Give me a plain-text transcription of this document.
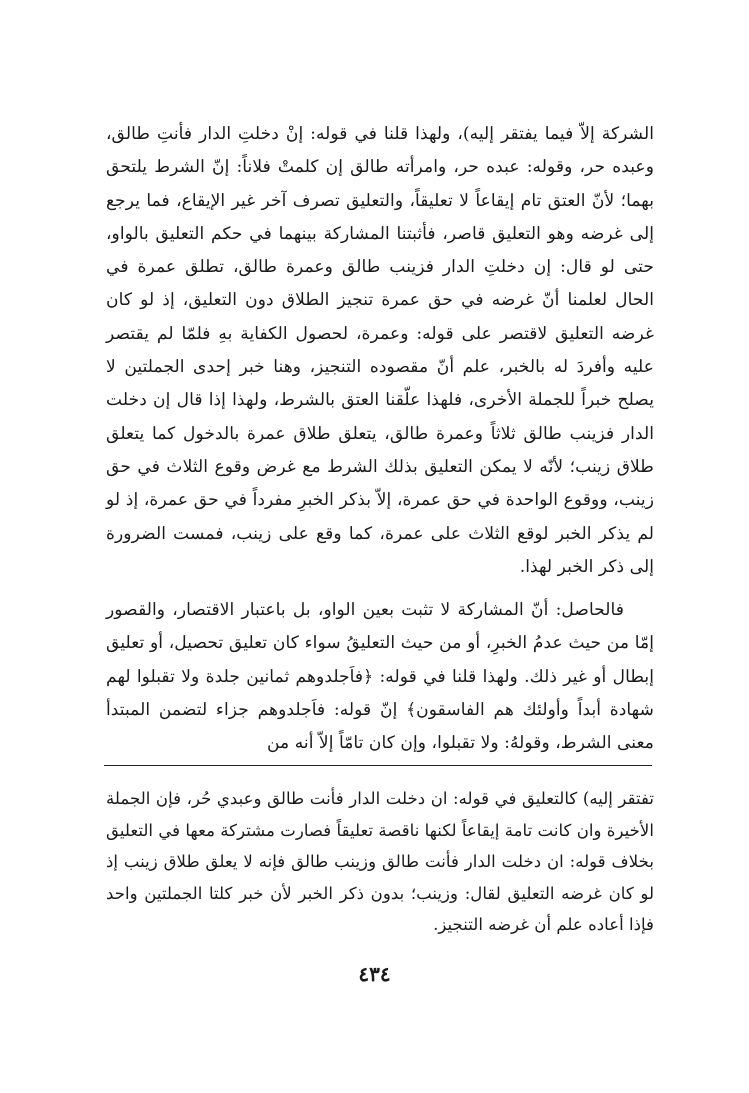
الشركة إلاّ فيما يفتقر إليه)، ولهذا قلنا في قوله: إنْ دخلتِ الدار فأنتِ طالق، وعبده حر، وقوله: عبده حر، وامرأته طالق إن كلمتْ فلاناً: إنّ الشرط يلتحق بهما؛ لأنّ العتق تام إيقاعاً لا تعليقاً، والتعليق تصرف آخر غير الإيقاع، فما يرجع إلى غرضه وهو التعليق قاصر، فأثبتنا المشاركة بينهما في حكم التعليق بالواو، حتى لو قال: إن دخلتِ الدار فزينب طالق وعمرة طالق، تطلق عمرة في الحال لعلمنا أنّ غرضه في حق عمرة تنجيز الطلاق دون التعليق، إذ لو كان غرضه التعليق لاقتصر على قوله: وعمرة، لحصول الكفاية بهِ فلمّا لم يقتصر عليه وأفردَ له بالخبر، علم أنّ مقصوده التنجيز، وهنا خبر إحدى الجملتين لا يصلح خبراً للجملة الأخرى، فلهذا علّقنا العتق بالشرط، ولهذا إذا قال إن دخلت الدار فزينب طالق ثلاثاً وعمرة طالق، يتعلق طلاق عمرة بالدخول كما يتعلق طلاق زينب؛ لأنّه لا يمكن التعليق بذلك الشرط مع غرض وقوع الثلاث في حق زينب، ووقوع الواحدة في حق عمرة، إلاّ بذكر الخبرِ مفرداً في حق عمرة، إذ لو لم يذكر الخبر لوقع الثلاث على عمرة، كما وقع على زينب، فمست الضرورة إلى ذكر الخبر لهذا.

فالحاصل: أنّ المشاركة لا تثبت بعين الواو، بل باعتبار الاقتصار، والقصور إمّا من حيث عدمُ الخبرِ، أو من حيث التعليقُ سواء كان تعليق تحصيل، أو تعليق إبطال أو غير ذلك. ولهذا قلنا في قوله: ﴿فاَجلدوهم ثمانين جلدة ولا تقبلوا لهم شهادة أبداً وأولئك هم الفاسقون﴾ إنّ قوله: فاَجلدوهم جزاء لتضمن المبتدأ معنى الشرط، وقولهُ: ولا تقبلوا، وإن كان تامّاً إلاّ أنه من

تفتقر إليه) كالتعليق في قوله: ان دخلت الدار فأنت طالق وعبدي حُر، فإن الجملة الأخيرة وان كانت تامة إيقاعاً لكنها ناقصة تعليقاً فصارت مشتركة معها في التعليق بخلاف قوله: ان دخلت الدار فأنت طالق وزينب طالق فإنه لا يعلق طلاق زينب إذ لو كان غرضه التعليق لقال: وزينب؛ بدون ذكر الخبر لأن خبر كلتا الجملتين واحد فإذا أعاده علم أن غرضه التنجيز.

٤٣٤
